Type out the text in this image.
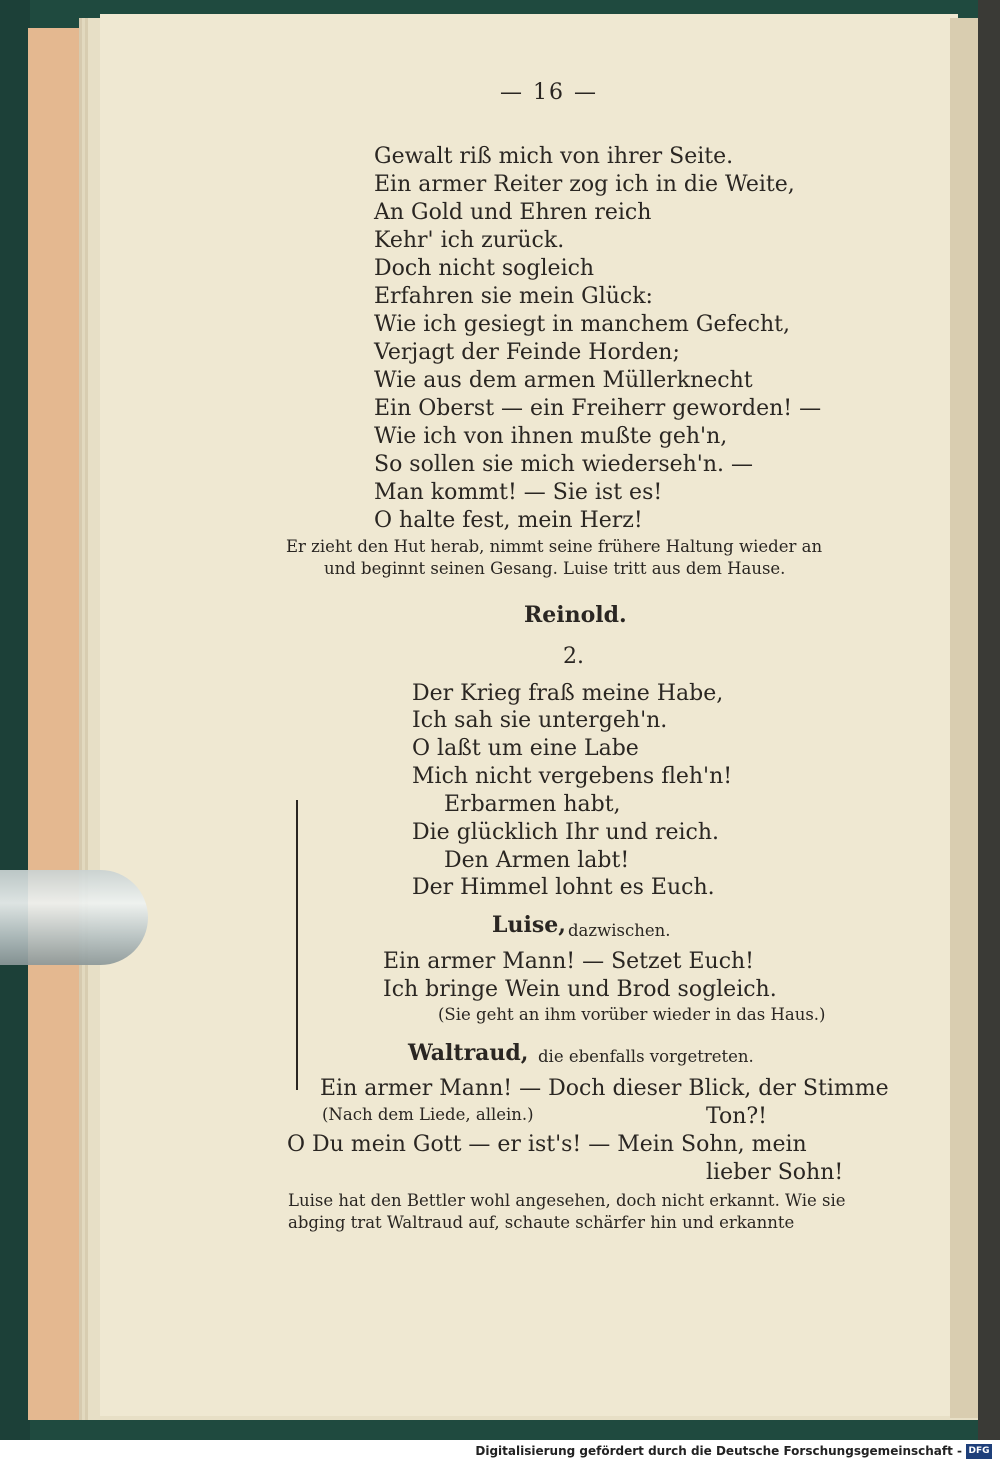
— 16 —

Gewalt riß mich von ihrer Seite.

Ein armer Reiter zog ich in die Weite,

An Gold und Ehren reich

Kehr' ich zurück.

Doch nicht sogleich

Erfahren sie mein Glück:

Wie ich gesiegt in manchem Gefecht,

Verjagt der Feinde Horden;

Wie aus dem armen Müllerknecht

Ein Oberst — ein Freiherr geworden! —

Wie ich von ihnen mußte geh'n,

So sollen sie mich wiederseh'n. —

Man kommt! — Sie ist es!

O halte fest, mein Herz!

Er zieht den Hut herab, nimmt seine frühere Haltung wieder an

und beginnt seinen Gesang. Luise tritt aus dem Hause.

Reinold.

2.

Der Krieg fraß meine Habe,

Ich sah sie untergeh'n.

O laßt um eine Labe

Mich nicht vergebens fleh'n!

Erbarmen habt,

Die glücklich Ihr und reich.

Den Armen labt!

Der Himmel lohnt es Euch.

Luise, dazwischen.

Ein armer Mann! — Setzet Euch!

Ich bringe Wein und Brod sogleich.

(Sie geht an ihm vorüber wieder in das Haus.)

Waltraud, die ebenfalls vorgetreten.

Ein armer Mann! — Doch dieser Blick, der Stimme

(Nach dem Liede, allein.)	Ton?!

O Du mein Gott — er ist's! — Mein Sohn, mein

lieber Sohn!

Luise hat den Bettler wohl angesehen, doch nicht erkannt. Wie sie

abging trat Waltraud auf, schaute schärfer hin und erkannte

Digitalisierung gefördert durch die Deutsche Forschungsgemeinschaft - DFG
